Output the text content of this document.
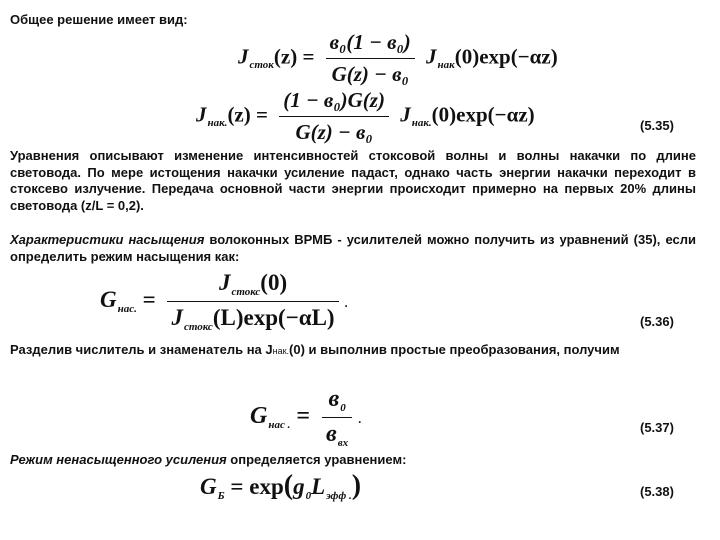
Общее решение имеет вид:
$J_{сток}(z) = \frac{\text{в₀(1 − в₀)}}{\text{G(z) − в₀}} J_{нак}(0)\exp(-\alpha z)$
$J_{нак.}(z) = \frac{\text{(1 − в₀)G(z)}}{\text{G(z) − в₀}} J_{нак.}(0)\exp(-\alpha z)$	(5.35)
Уравнения описывают изменение интенсивностей стоксовой волны и волны накачки по длине световода. По мере истощения накачки усиление падаст, однако часть энергии накачки переходит в стоксево излучение. Передача основной части энергии происходит примерно на первых 20% длины световода (z/L = 0,2).
Характеристики насыщения волоконных ВРМБ - усилителей можно получить из уравнений (35), если определить режим насыщения как:
$G_{нас.} = \frac{J_{стокс}(0)}{J_{стокс}(L)\exp(-\alpha L)}$ .
(5.36)
Разделив числитель и знаменатель на Jнак.(0) и выполнив простые преобразования, получим
$G_{нас .} = \frac{в_0}{в_{вх}}$ .
(5.37)
Режим ненасыщенного усиления определяется уравнением:
$G_Б = \exp(g_0L_{эфф .})$	(5.38)
